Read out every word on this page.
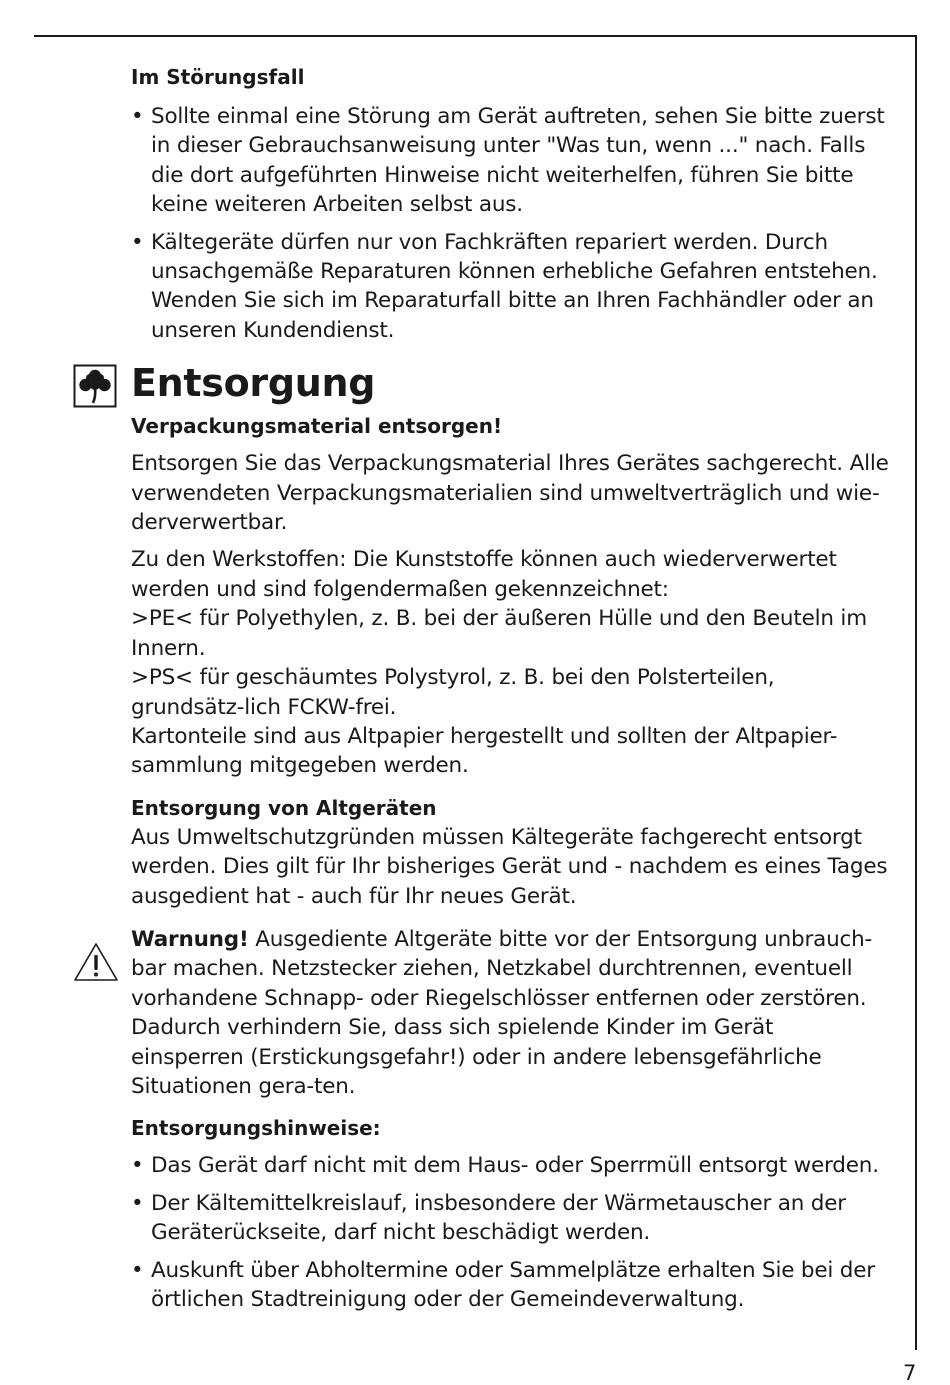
Im Störungsfall
• Sollte einmal eine Störung am Gerät auftreten, sehen Sie bitte zuerst in dieser Gebrauchsanweisung unter "Was tun, wenn ..." nach. Falls die dort aufgeführten Hinweise nicht weiterhelfen, führen Sie bitte keine weiteren Arbeiten selbst aus.
• Kältegeräte dürfen nur von Fachkräften repariert werden. Durch unsachgemäße Reparaturen können erhebliche Gefahren entstehen. Wenden Sie sich im Reparaturfall bitte an Ihren Fachhändler oder an unseren Kundendienst.
Entsorgung
Verpackungsmaterial entsorgen!

Entsorgen Sie das Verpackungsmaterial Ihres Gerätes sachgerecht. Alle verwendeten Verpackungsmaterialien sind umweltverträglich und wie-derverwertbar.

Zu den Werkstoffen: Die Kunststoffe können auch wiederverwertet werden und sind folgendermaßen gekennzeichnet:

>PE< für Polyethylen, z. B. bei der äußeren Hülle und den Beuteln im Innern.

>PS< für geschäumtes Polystyrol, z. B. bei den Polsterteilen, grundsätz-lich FCKW-frei.

Kartonteile sind aus Altpapier hergestellt und sollten der Altpapier-sammlung mitgegeben werden.

Entsorgung von Altgeräten

Aus Umweltschutzgründen müssen Kältegeräte fachgerecht entsorgt werden. Dies gilt für Ihr bisheriges Gerät und - nachdem es eines Tages ausgedient hat - auch für Ihr neues Gerät.

Warnung! Ausgediente Altgeräte bitte vor der Entsorgung unbrauch-bar machen. Netzstecker ziehen, Netzkabel durchtrennen, eventuell vorhandene Schnapp- oder Riegelschlösser entfernen oder zerstören. Dadurch verhindern Sie, dass sich spielende Kinder im Gerät einsperren (Erstickungsgefahr!) oder in andere lebensgefährliche Situationen gera-ten.

Entsorgungshinweise:
• Das Gerät darf nicht mit dem Haus- oder Sperrmüll entsorgt werden.
• Der Kältemittelkreislauf, insbesondere der Wärmetauscher an der Geräterückseite, darf nicht beschädigt werden.
• Auskunft über Abholtermine oder Sammelplätze erhalten Sie bei der örtlichen Stadtreinigung oder der Gemeindeverwaltung.
7
